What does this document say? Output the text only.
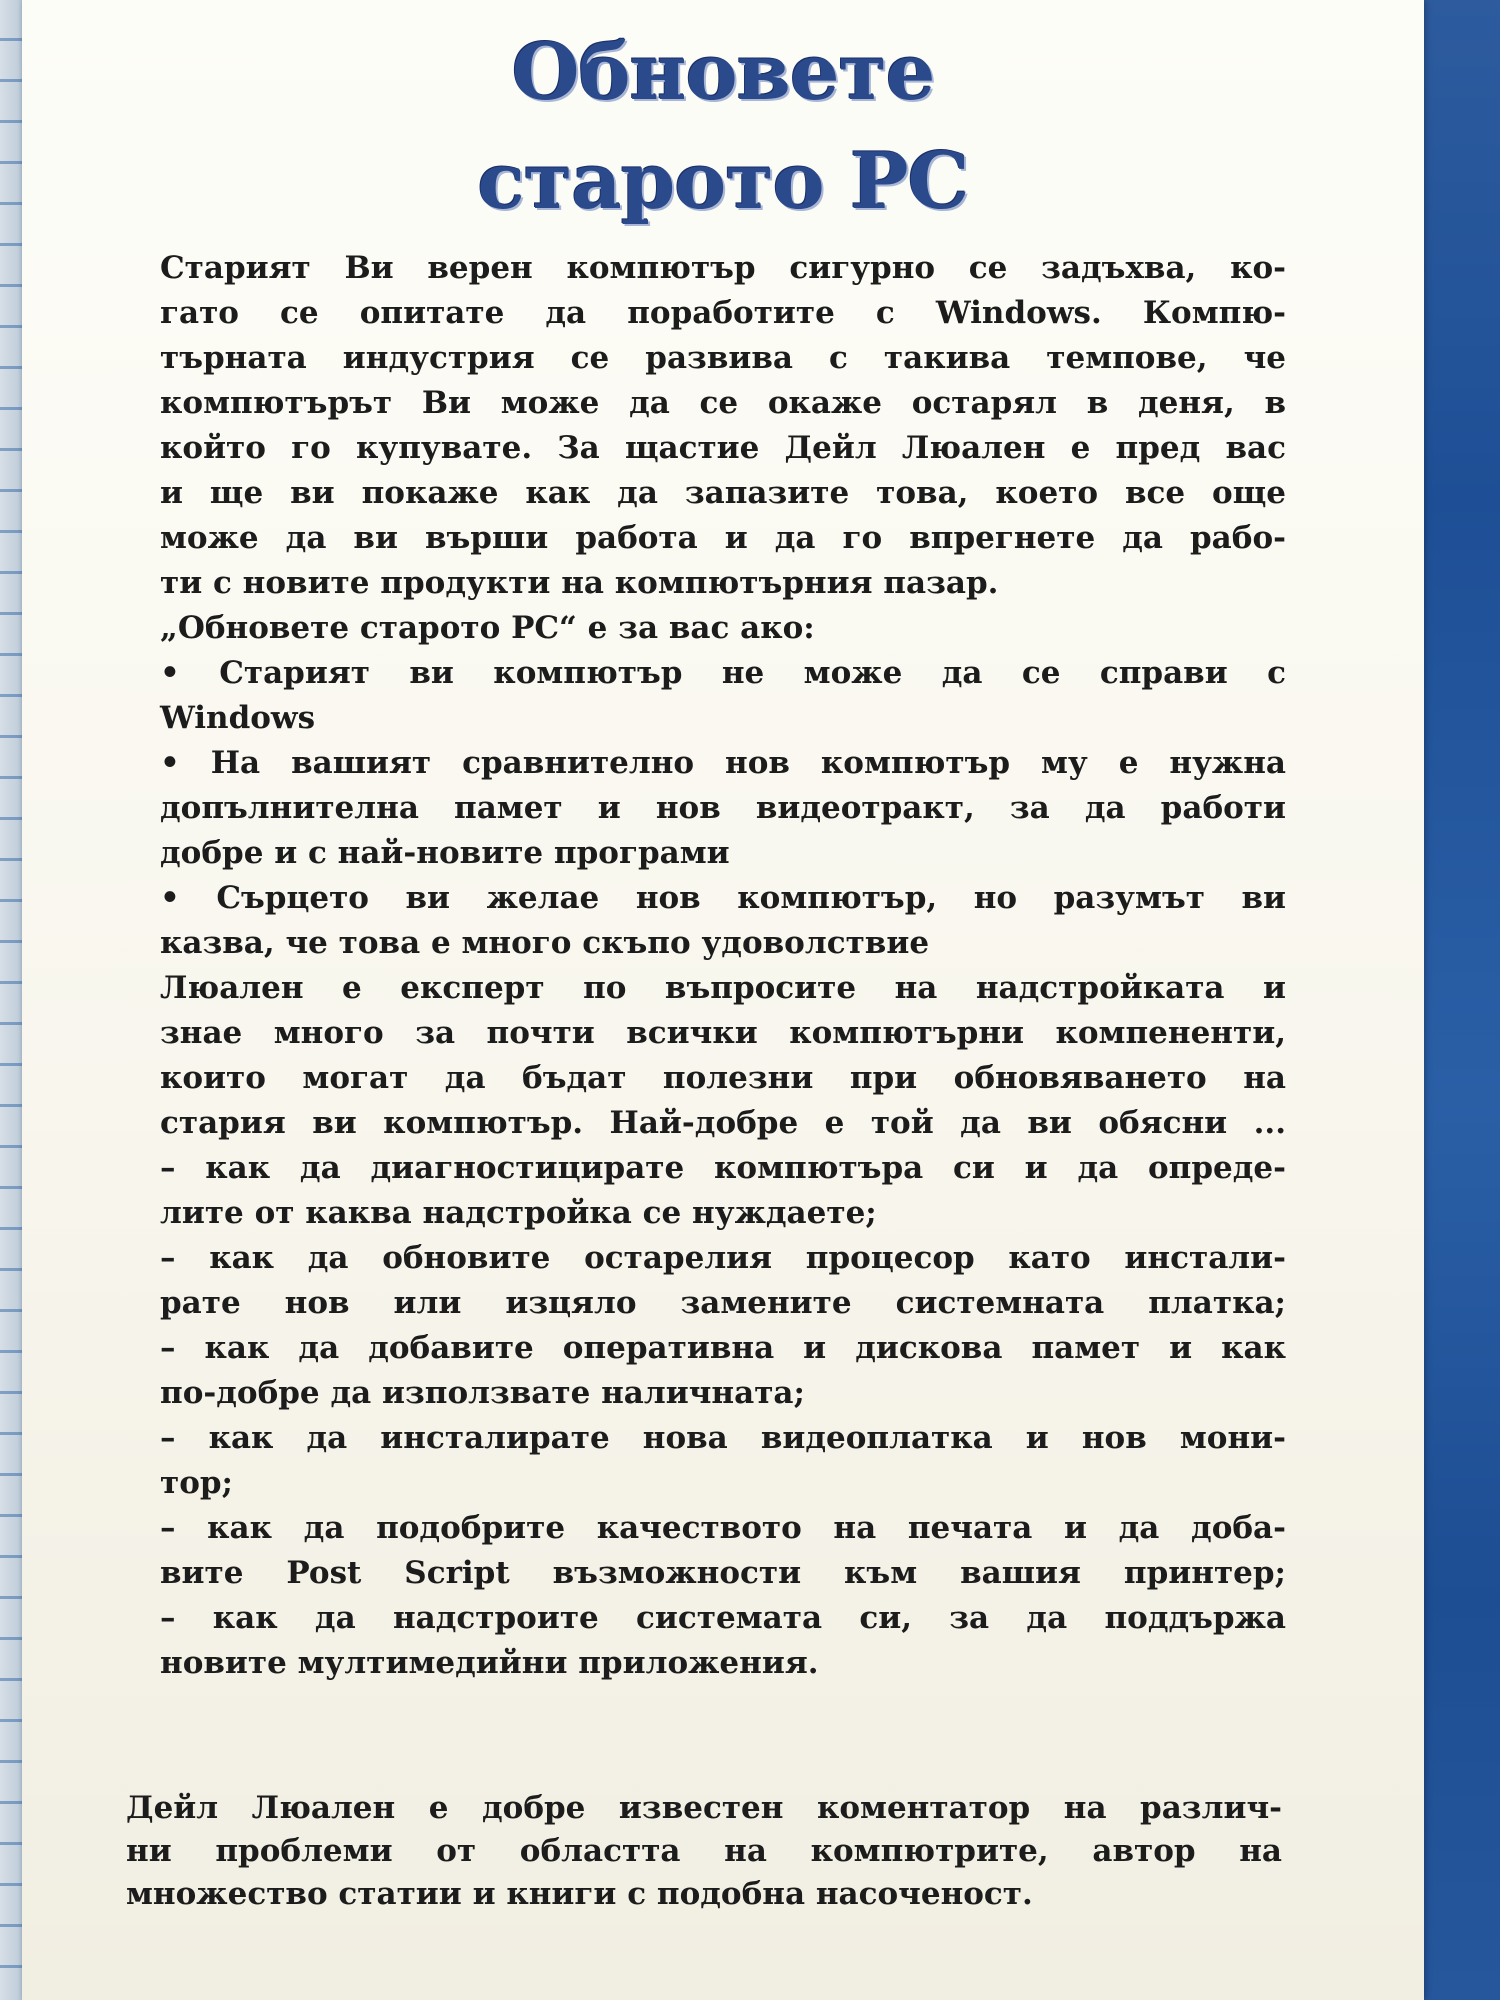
Обновете
старото PC
Старият Ви верен компютър сигурно се задъхва, ко-
гато се опитате да поработите с Windows. Компю-
търната индустрия се развива с такива темпове, че
компютърът Ви може да се окаже остарял в деня, в
който го купувате. За щастие Дейл Люален е пред вас
и ще ви покаже как да запазите това, което все още
може да ви върши работа и да го впрегнете да рабо-
ти с новите продукти на компютърния пазар.
„Обновете старото PC“ е за вас ако:
• Старият ви компютър не може да се справи с
Windows
• На вашият сравнително нов компютър му е нужна
допълнителна памет и нов видеотракт, за да работи
добре и с най-новите програми
• Сърцето ви желае нов компютър, но разумът ви
казва, че това е много скъпо удоволствие
Люален е експерт по въпросите на надстройката и
знае много за почти всички компютърни компененти,
които могат да бъдат полезни при обновяването на
стария ви компютър. Най-добре е той да ви обясни ...
– как да диагностицирате компютъра си и да опреде-
лите от каква надстройка се нуждаете;
– как да обновите остарелия процесор като инстали-
рате нов или изцяло замените системната платка;
– как да добавите оперативна и дискова памет и как
по-добре да използвате наличната;
– как да инсталирате нова видеоплатка и нов мони-
тор;
– как да подобрите качеството на печата и да доба-
вите Post Script възможности към вашия принтер;
– как да надстроите системата си, за да поддържа
новите мултимедийни приложения.
Дейл Люален е добре известен коментатор на различ-
ни проблеми от областта на компютрите, автор на
множество статии и книги с подобна насоченост.
